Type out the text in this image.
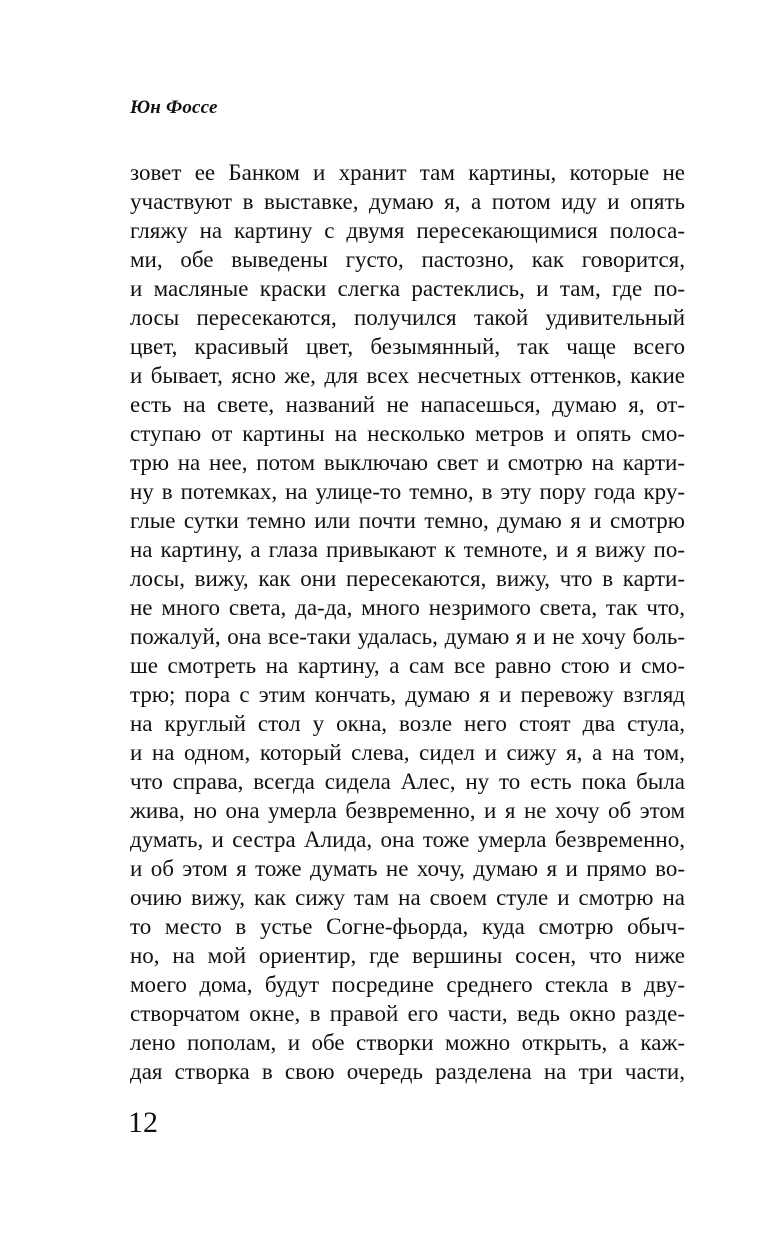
Юн Фоссе
зовет ее Банком и хранит там картины, которые не
участвуют в выставке, думаю я, а потом иду и опять
гляжу на картину с двумя пересекающимися полоса-
ми, обе выведены густо, пастозно, как говорится,
и масляные краски слегка растеклись, и там, где по-
лосы пересекаются, получился такой удивительный
цвет, красивый цвет, безымянный, так чаще всего
и бывает, ясно же, для всех несчетных оттенков, какие
есть на свете, названий не напасешься, думаю я, от-
ступаю от картины на несколько метров и опять смо-
трю на нее, потом выключаю свет и смотрю на карти-
ну в потемках, на улице-то темно, в эту пору года кру-
глые сутки темно или почти темно, думаю я и смотрю
на картину, а глаза привыкают к темноте, и я вижу по-
лосы, вижу, как они пересекаются, вижу, что в карти-
не много света, да-да, много незримого света, так что,
пожалуй, она все-таки удалась, думаю я и не хочу боль-
ше смотреть на картину, а сам все равно стою и смо-
трю; пора с этим кончать, думаю я и перевожу взгляд
на круглый стол у окна, возле него стоят два стула,
и на одном, который слева, сидел и сижу я, а на том,
что справа, всегда сидела Алес, ну то есть пока была
жива, но она умерла безвременно, и я не хочу об этом
думать, и сестра Алида, она тоже умерла безвременно,
и об этом я тоже думать не хочу, думаю я и прямо во-
очию вижу, как сижу там на своем стуле и смотрю на
то место в устье Согне-фьорда, куда смотрю обыч-
но, на мой ориентир, где вершины сосен, что ниже
моего дома, будут посредине среднего стекла в дву-
створчатом окне, в правой его части, ведь окно разде-
лено пополам, и обе створки можно открыть, а каж-
дая створка в свою очередь разделена на три части,
12
